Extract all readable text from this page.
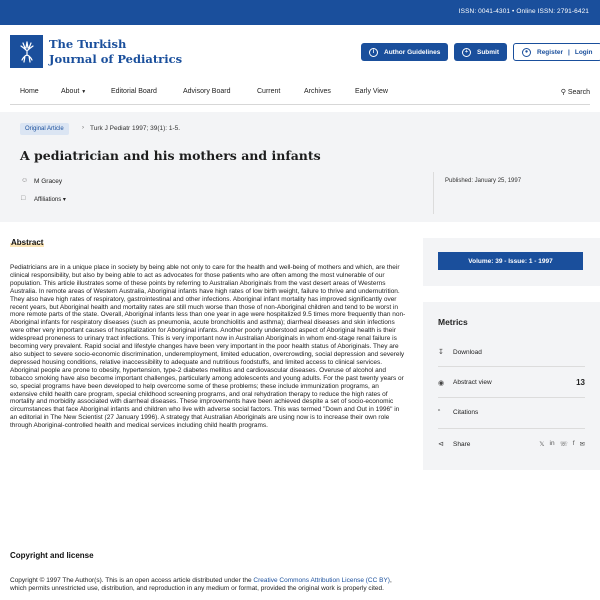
ISSN: 0041-4301 • Online ISSN: 2791-6421
The Turkish
Journal of Pediatrics	i	Author Guidelines	+	Submit	●	Register | Login
Home	About ▼	Editorial Board	Advisory Board	Current	Archives	Early View	⚲ Search
Original Article	› Turk J Pediatr 1997; 39(1): 1-5.
A pediatrician and his mothers and infants
☺ M Gracey
□ Affiliations ▾
Published: January 25, 1997
Abstract

Pediatricians are in a unique place in society by being able not only to care for the health and well-being of mothers and which, are their clinical responsibility, but also by being able to act as advocates for those patients who are often among the most vulnerable of our population. This article illustrates some of these points by referring to Australian Aboriginals from the vast desert areas of Westerns Australia. In remote areas of Western Australia, Aboriginal infants have high rates of low birth weight, failure to thrive and undernutrition. They also have high rates of respiratory, gastrointestinal and other infections. Aboriginal infant mortality has improved significantly over recent years, but Aboriginal health and mortality rates are still much worse than those of non-Aboriginal children and tend to be worst in more remote parts of the state. Overall, Aboriginal infants less than one year in age were hospitalized 9.5 times more frequently than non-Aboriginal infants for respiratory diseases (such as pneumonia, acute bronchiolitis and asthma); diarrheal diseases and skin infections were other very important causes of hospitalization for Aboriginal infants. Another poorly understood aspect of Aboriginal health is their widespread proneness to urinary tract infections. This is very important now in Australian Aboriginals in whom end-stage renal failure is becoming very prevalent. Rapid social and lifestyle changes have been very important in the poor health status of Aboriginals. They are also subject to severe socio-economic discrimination, underemployment, limited education, overcrowding, social depression and severely depressed housing conditions, relative inaccessibility to adequate and nutritious foodstuffs, and limited access to clinical services. Aboriginal people are prone to obesity, hypertension, type-2 diabetes mellitus and cardiovascular diseases. Overuse of alcohol and tobacco smoking have also become important challenges, particularly among adolescents and young adults. For the past twenty years or so, special programs have been developed to help overcome some of these problems; these include immunization programs, an extensive child health care program, special childhood screening programs, and oral rehydration therapy to reduce the high rates of mortality and morbidity associated with diarrheal diseases. These improvements have been achieved despite a set of socio-economic circumstances that face Aboriginal infants and children who live with adverse social factors. This was termed "Down and Out in 1996" in an editorial in The New Scientist (27 January 1996). A strategy that Australian Aboriginals are using now is to increase their own role through Aboriginal-controlled health and medical services including child health programs.

Copyright and license

Copyright © 1997 The Author(s). This is an open access article distributed under the Creative Commons Attribution License (CC BY), which permits unrestricted use, distribution, and reproduction in any medium or format, provided the original work is properly cited.

Volume: 39 - Issue: 1 - 1997
Metrics
↧	Download
◉	Abstract view	13
“	Citations
⊲	Share	𝕏 in ☏ f ✉
